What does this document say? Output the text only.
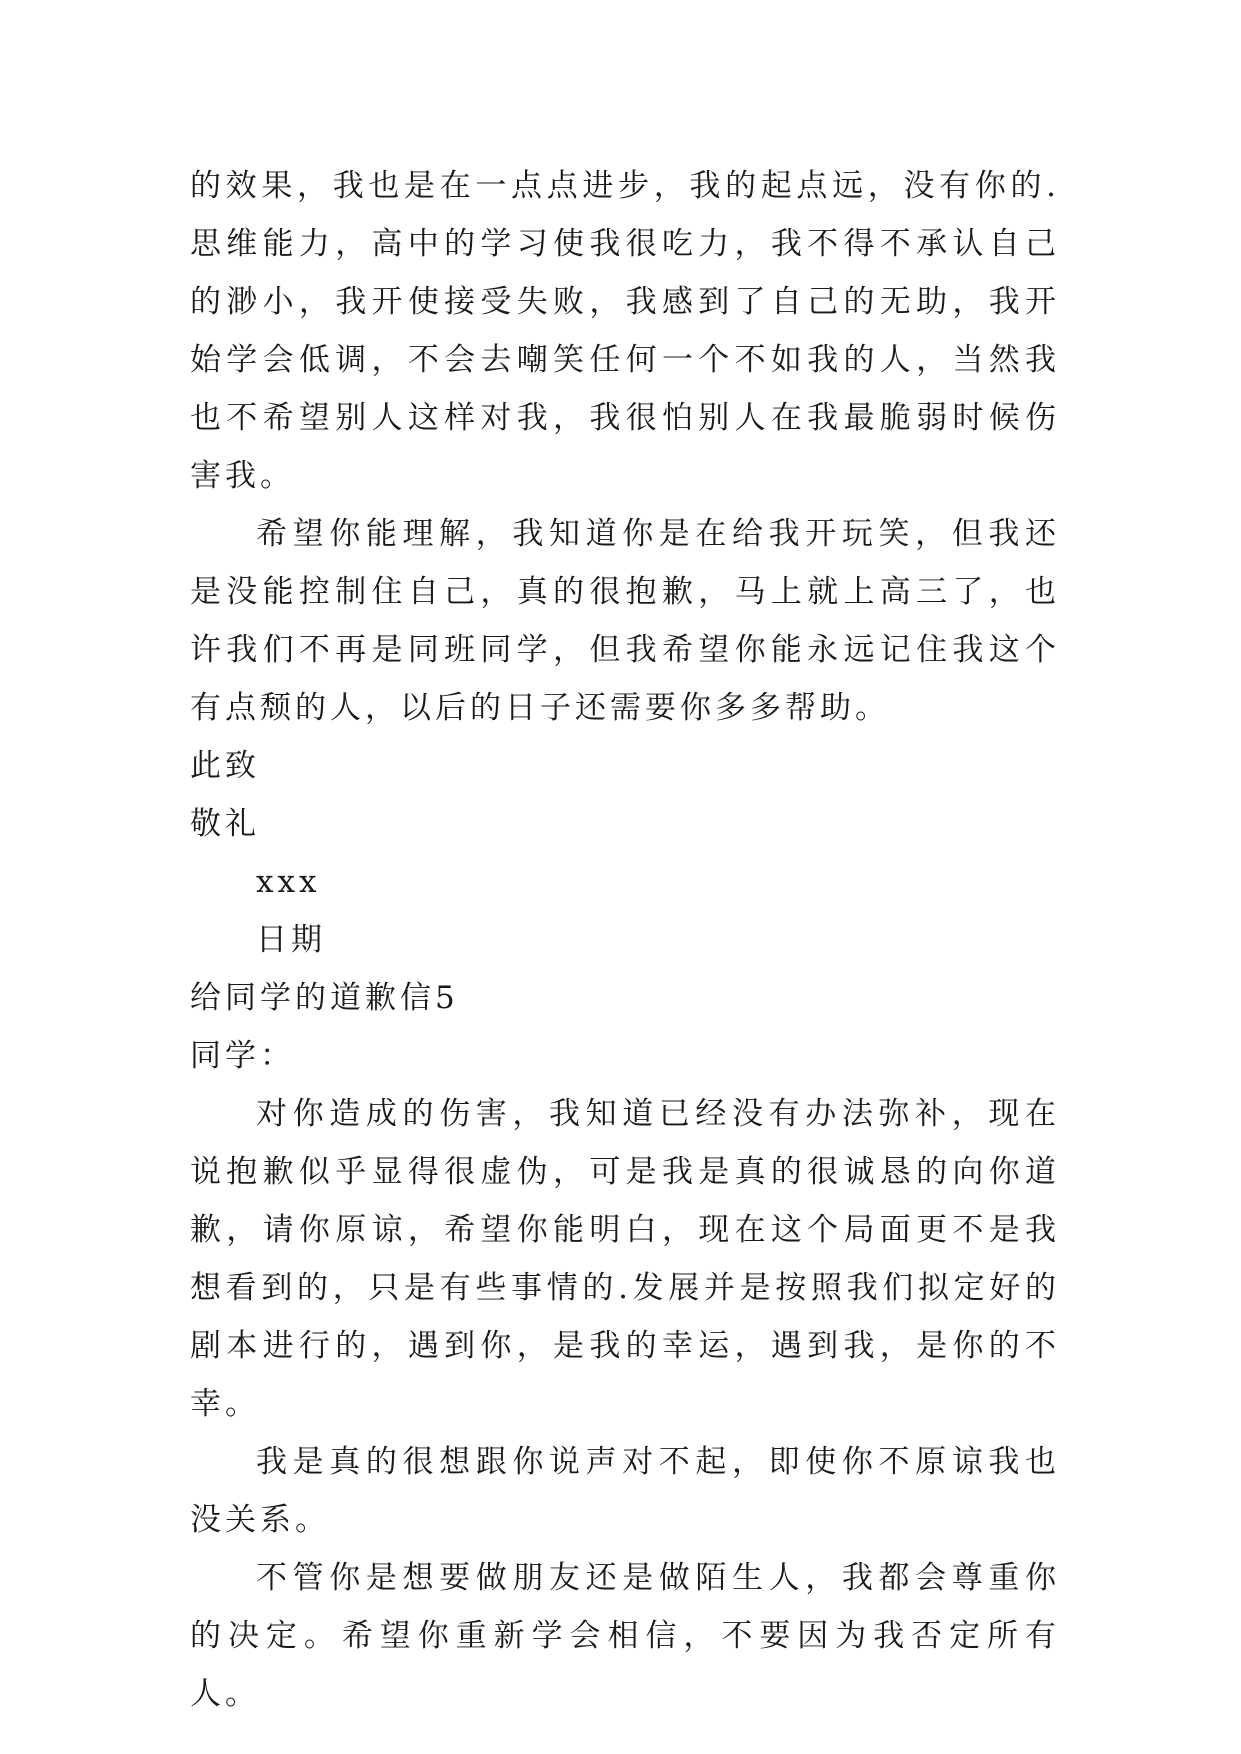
的效果，我也是在一点点进步，我的起点远，没有你的.思维能力，高中的学习使我很吃力，我不得不承认自己的渺小，我开使接受失败，我感到了自己的无助，我开始学会低调，不会去嘲笑任何一个不如我的人，当然我也不希望别人这样对我，我很怕别人在我最脆弱时候伤害我。

希望你能理解，我知道你是在给我开玩笑，但我还是没能控制住自己，真的很抱歉，马上就上高三了，也许我们不再是同班同学，但我希望你能永远记住我这个有点颓的人，以后的日子还需要你多多帮助。

此致

敬礼

xxx

日期

给同学的道歉信5

同学：

对你造成的伤害，我知道已经没有办法弥补，现在说抱歉似乎显得很虚伪，可是我是真的很诚恳的向你道歉，请你原谅，希望你能明白，现在这个局面更不是我想看到的，只是有些事情的.发展并是按照我们拟定好的剧本进行的，遇到你，是我的幸运，遇到我，是你的不幸。

我是真的很想跟你说声对不起，即使你不原谅我也没关系。

不管你是想要做朋友还是做陌生人，我都会尊重你的决定。希望你重新学会相信，不要因为我否定所有人。
